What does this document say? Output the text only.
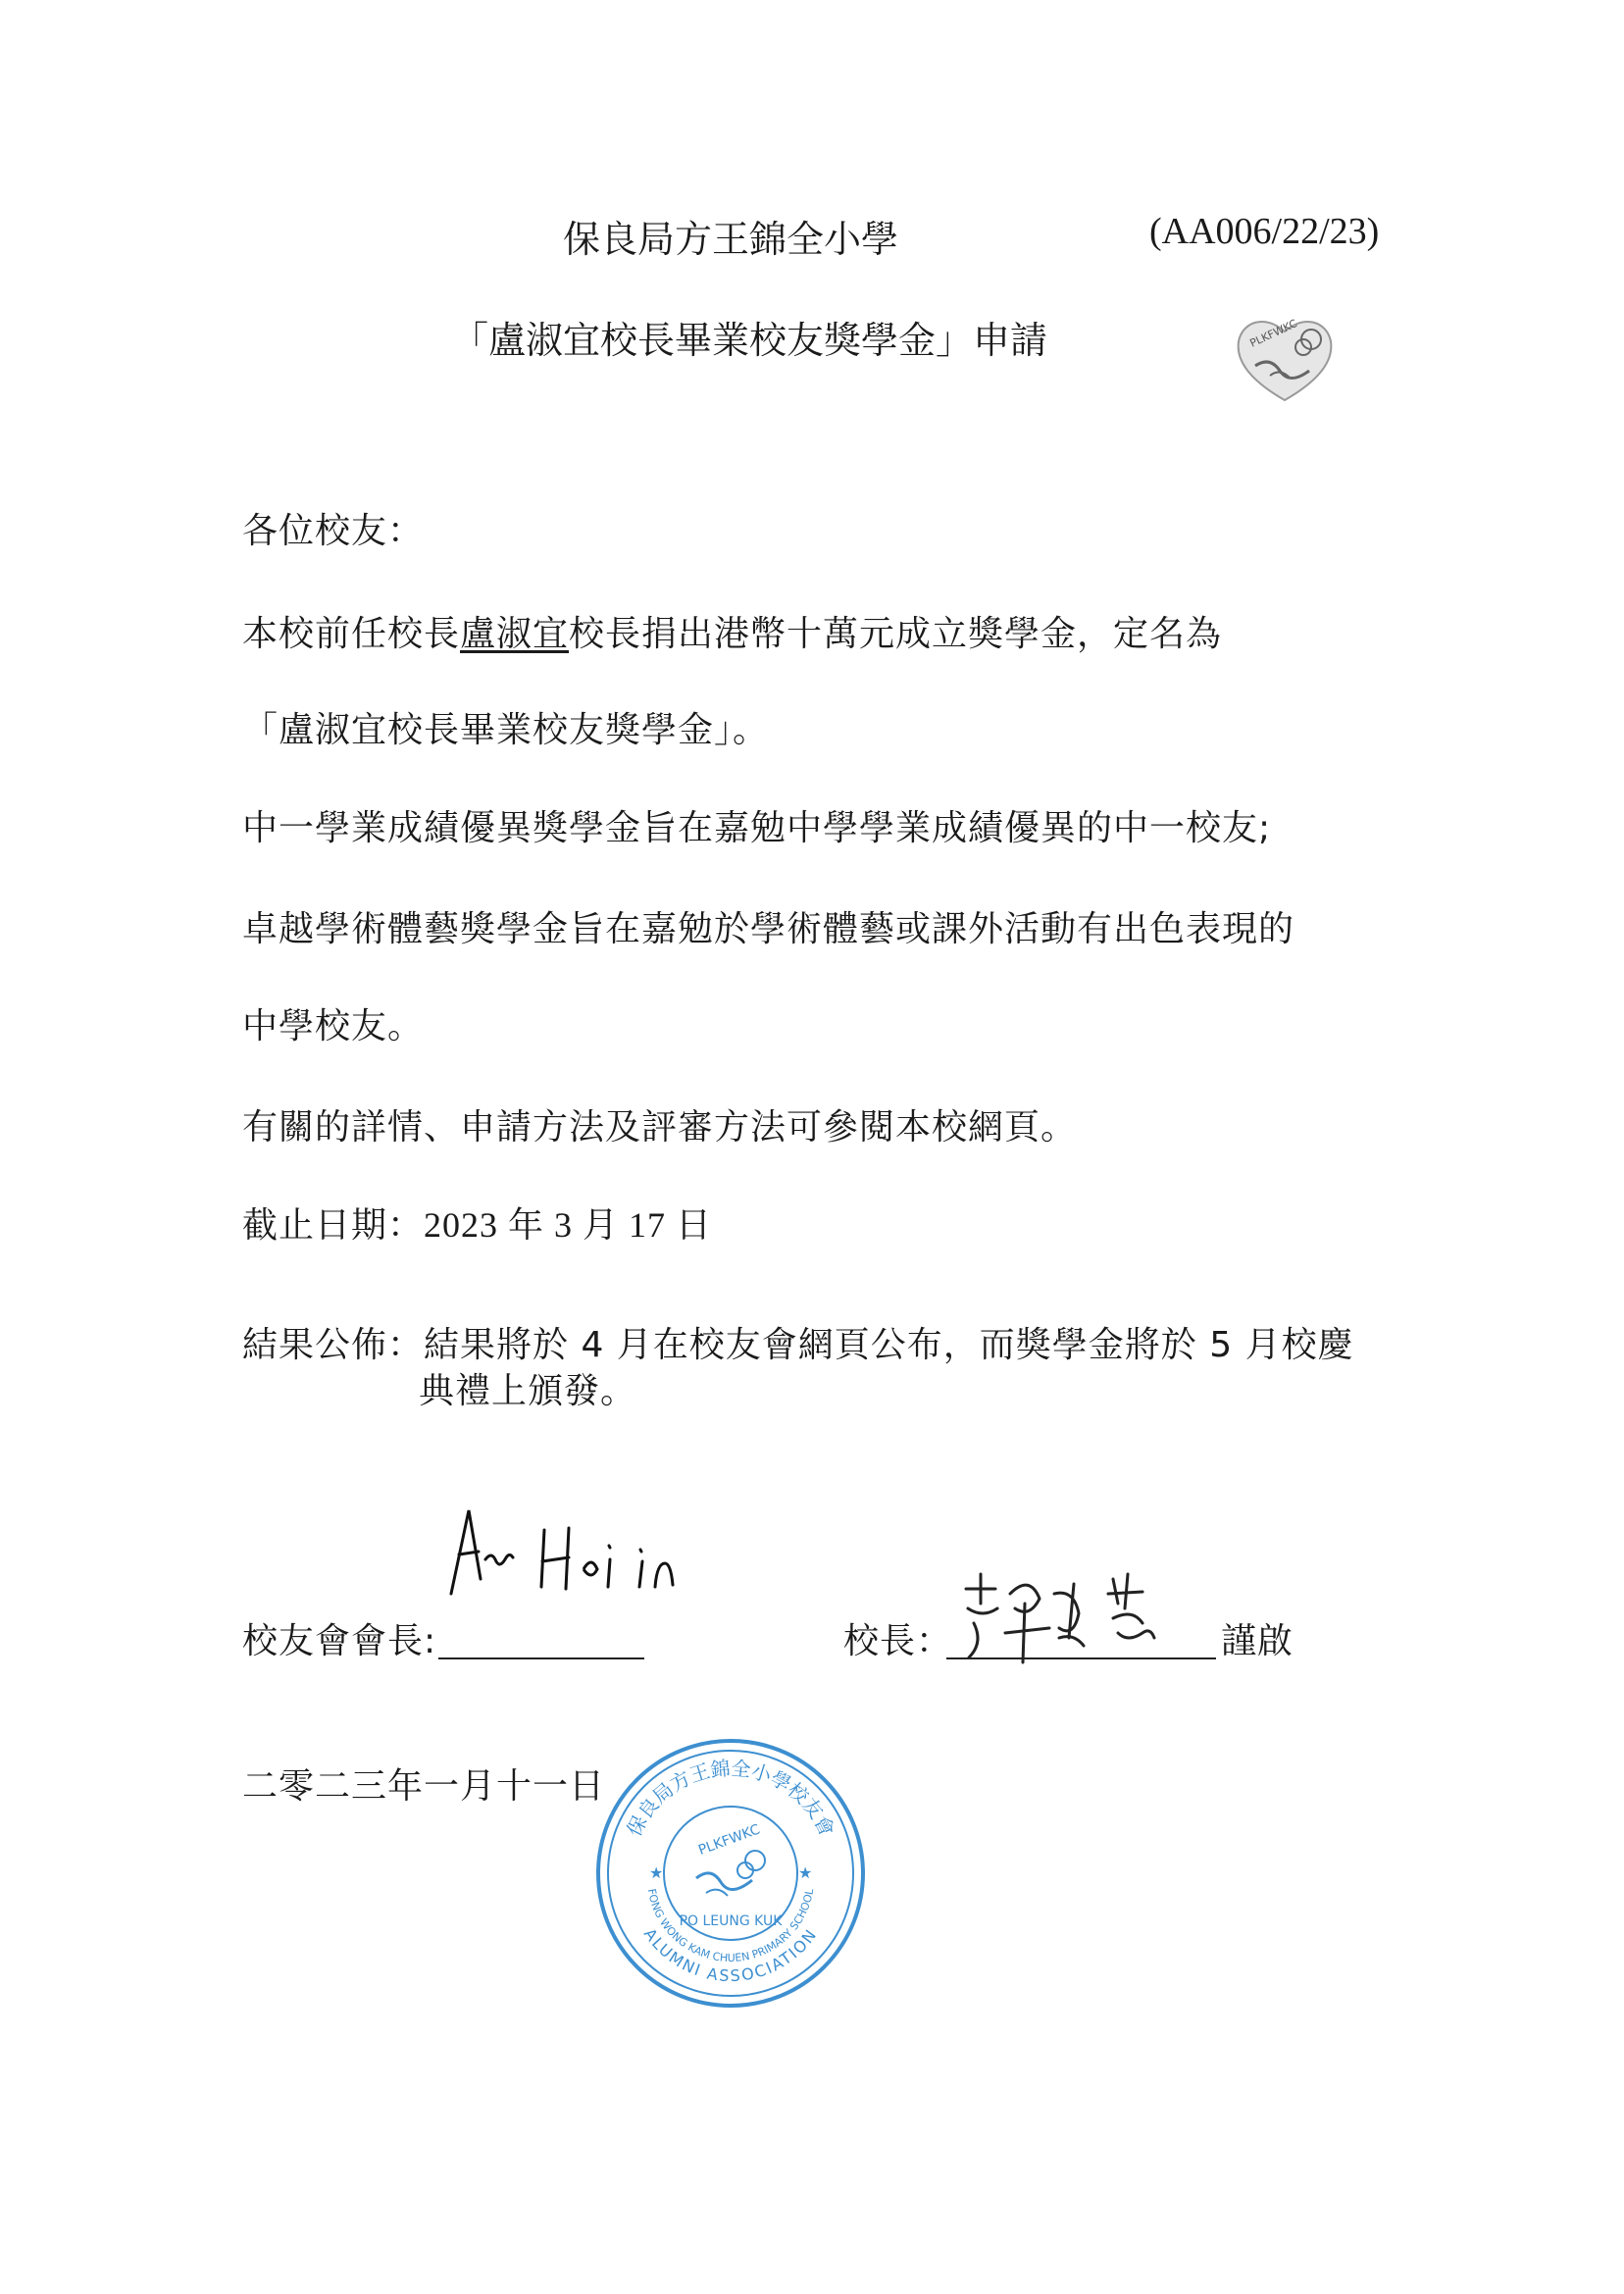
保良局方王錦全小學	(AA006/22/23)
「盧淑宜校長畢業校友獎學金」申請	PLKFWKC
各位校友：
本校前任校長盧淑宜校長捐出港幣十萬元成立獎學金，定名為
「盧淑宜校長畢業校友獎學金」。
中一學業成績優異獎學金旨在嘉勉中學學業成績優異的中一校友;
卓越學術體藝獎學金旨在嘉勉於學術體藝或課外活動有出色表現的
中學校友。
有關的詳情、申請方法及評審方法可參閱本校網頁。
截止日期：2023 年 3 月 17 日
結果公佈：結果將於 4 月在校友會網頁公布，而獎學金將於 5 月校慶
典禮上頒發。
校友會會長:	校長：	謹啟
保良局方王錦全小學校友會
ALUMNI ASSOCIATION
FONG WONG KAM CHUEN PRIMARY SCHOOL
PO LEUNG KUK
PLKFWKC
★	★
二零二三年一月十一日
